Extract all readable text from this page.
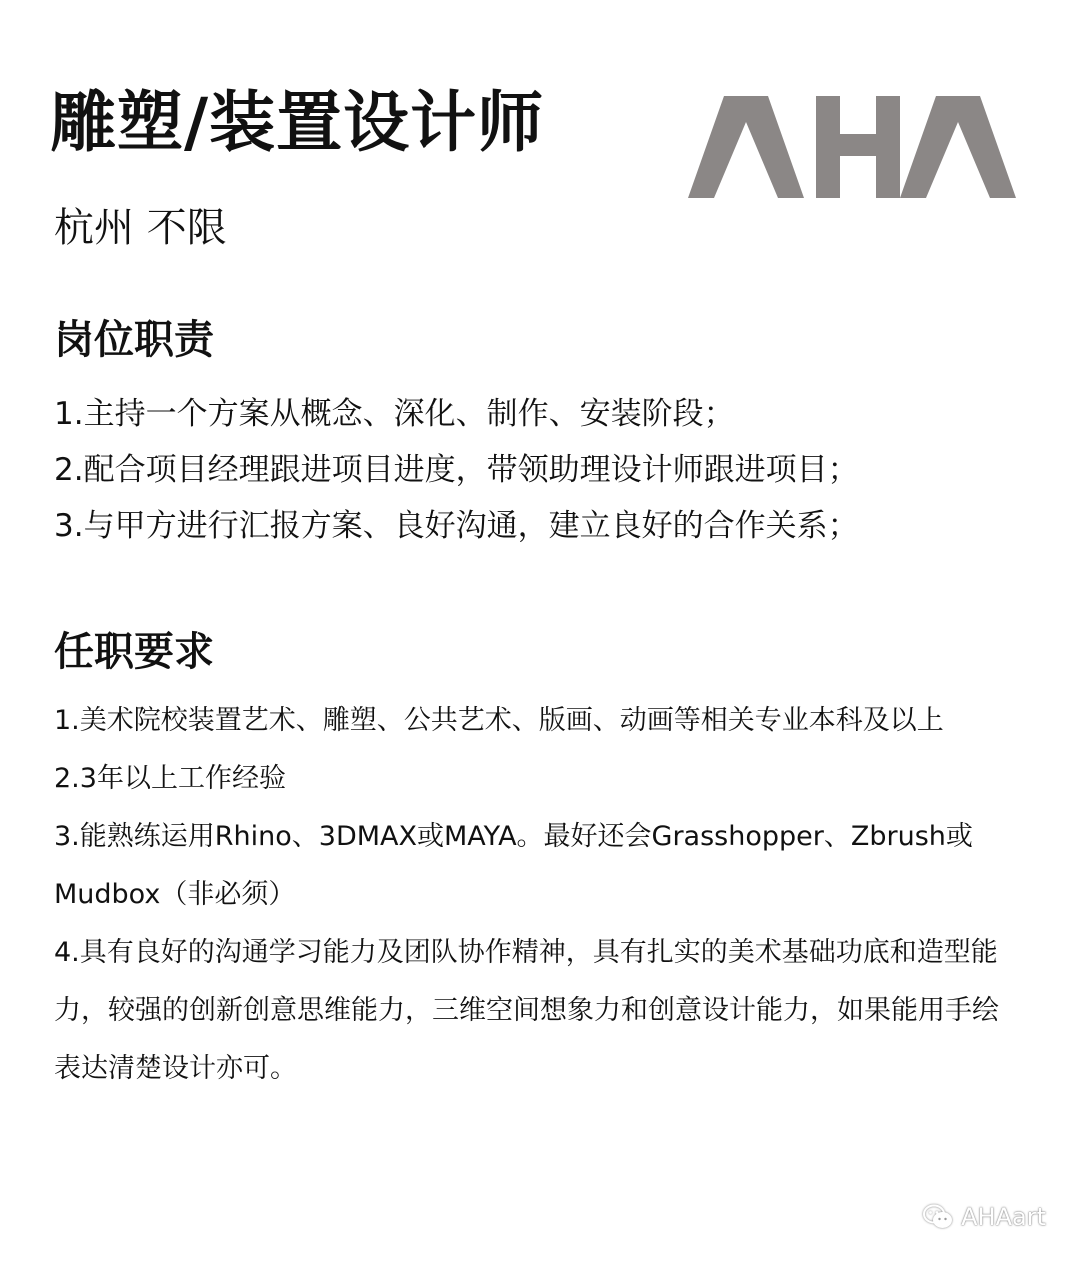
雕塑/装置设计师
杭州 不限
岗位职责
1.主持一个方案从概念、深化、制作、安装阶段；
2.配合项目经理跟进项目进度，带领助理设计师跟进项目；
3.与甲方进行汇报方案、良好沟通，建立良好的合作关系；
任职要求
1.美术院校装置艺术、雕塑、公共艺术、版画、动画等相关专业本科及以上
2.3年以上工作经验
3.能熟练运用Rhino、3DMAX或MAYA。最好还会Grasshopper、Zbrush或Mudbox（非必须）
4.具有良好的沟通学习能力及团队协作精神，具有扎实的美术基础功底和造型能力，较强的创新创意思维能力，三维空间想象力和创意设计能力，如果能用手绘表达清楚设计亦可。
AHAart
